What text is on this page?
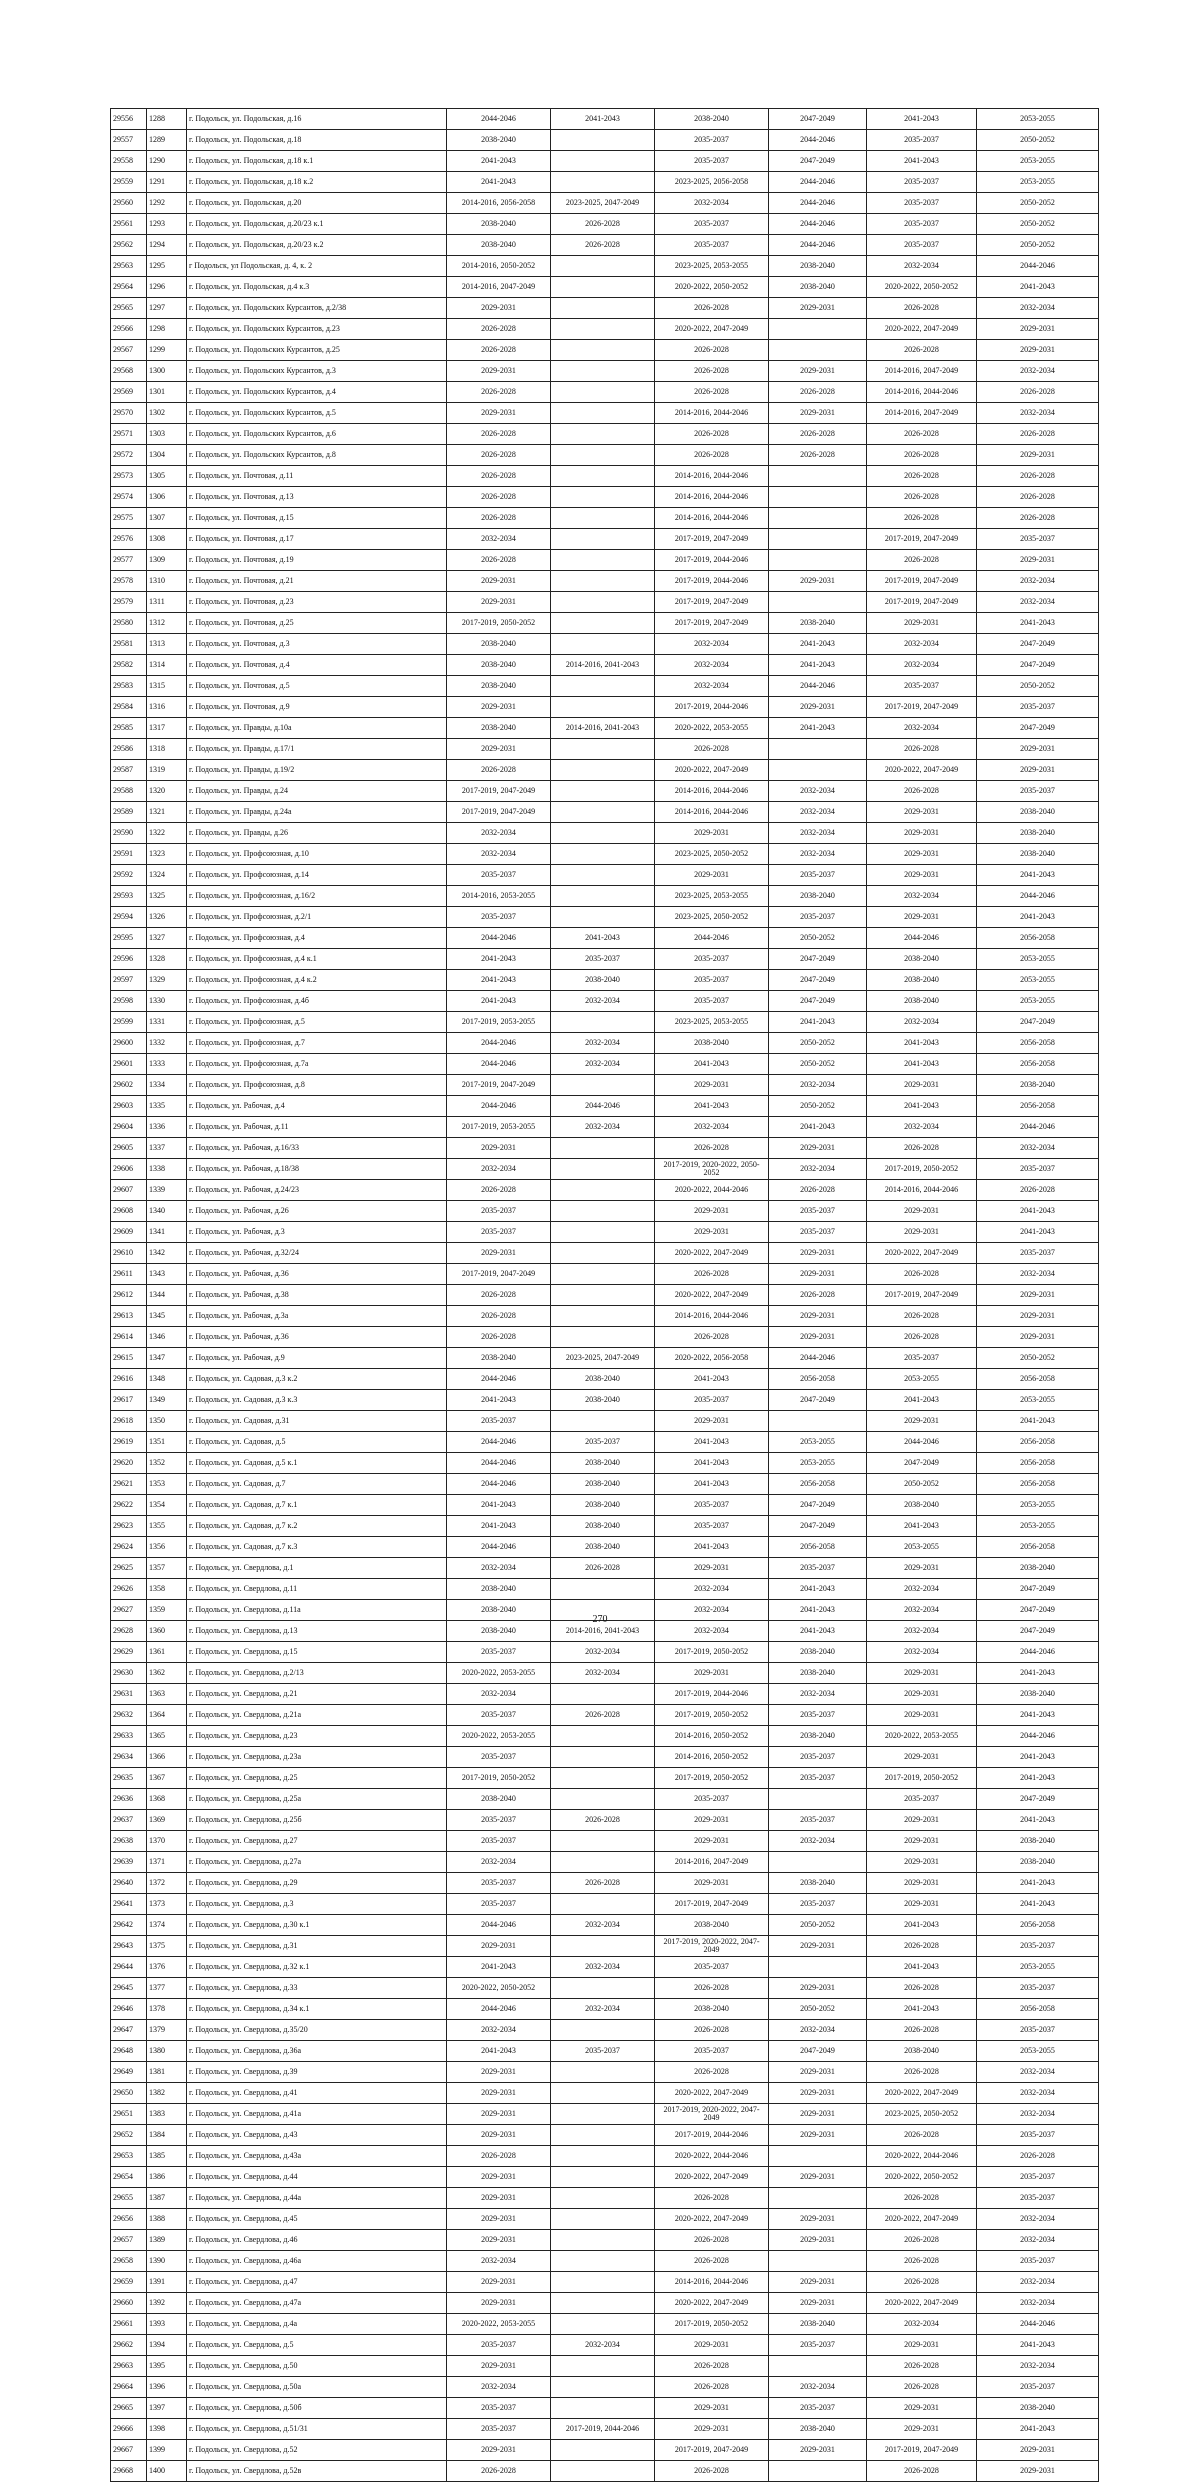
29556	1288	г. Подольск, ул. Подольская, д.16	2044-2046	2041-2043	2038-2040	2047-2049	2041-2043	2053-2055
29557	1289	г. Подольск, ул. Подольская, д.18	2038-2040		2035-2037	2044-2046	2035-2037	2050-2052
29558	1290	г. Подольск, ул. Подольская, д.18 к.1	2041-2043		2035-2037	2047-2049	2041-2043	2053-2055
29559	1291	г. Подольск, ул. Подольская, д.18 к.2	2041-2043		2023-2025, 2056-2058	2044-2046	2035-2037	2053-2055
29560	1292	г. Подольск, ул. Подольская, д.20	2014-2016, 2056-2058	2023-2025, 2047-2049	2032-2034	2044-2046	2035-2037	2050-2052
29561	1293	г. Подольск, ул. Подольская, д.20/23 к.1	2038-2040	2026-2028	2035-2037	2044-2046	2035-2037	2050-2052
29562	1294	г. Подольск, ул. Подольская, д.20/23 к.2	2038-2040	2026-2028	2035-2037	2044-2046	2035-2037	2050-2052
29563	1295	г Подольск, ул Подольская, д. 4, к. 2	2014-2016, 2050-2052		2023-2025, 2053-2055	2038-2040	2032-2034	2044-2046
29564	1296	г. Подольск, ул. Подольская, д.4 к.3	2014-2016, 2047-2049		2020-2022, 2050-2052	2038-2040	2020-2022, 2050-2052	2041-2043
29565	1297	г. Подольск, ул. Подольских Курсантов, д.2/38	2029-2031		2026-2028	2029-2031	2026-2028	2032-2034
29566	1298	г. Подольск, ул. Подольских Курсантов, д.23	2026-2028		2020-2022, 2047-2049		2020-2022, 2047-2049	2029-2031
29567	1299	г. Подольск, ул. Подольских Курсантов, д.25	2026-2028		2026-2028		2026-2028	2029-2031
29568	1300	г. Подольск, ул. Подольских Курсантов, д.3	2029-2031		2026-2028	2029-2031	2014-2016, 2047-2049	2032-2034
29569	1301	г. Подольск, ул. Подольских Курсантов, д.4	2026-2028		2026-2028	2026-2028	2014-2016, 2044-2046	2026-2028
29570	1302	г. Подольск, ул. Подольских Курсантов, д.5	2029-2031		2014-2016, 2044-2046	2029-2031	2014-2016, 2047-2049	2032-2034
29571	1303	г. Подольск, ул. Подольских Курсантов, д.6	2026-2028		2026-2028	2026-2028	2026-2028	2026-2028
29572	1304	г. Подольск, ул. Подольских Курсантов, д.8	2026-2028		2026-2028	2026-2028	2026-2028	2029-2031
29573	1305	г. Подольск, ул. Почтовая, д.11	2026-2028		2014-2016, 2044-2046		2026-2028	2026-2028
29574	1306	г. Подольск, ул. Почтовая, д.13	2026-2028		2014-2016, 2044-2046		2026-2028	2026-2028
29575	1307	г. Подольск, ул. Почтовая, д.15	2026-2028		2014-2016, 2044-2046		2026-2028	2026-2028
29576	1308	г. Подольск, ул. Почтовая, д.17	2032-2034		2017-2019, 2047-2049		2017-2019, 2047-2049	2035-2037
29577	1309	г. Подольск, ул. Почтовая, д.19	2026-2028		2017-2019, 2044-2046		2026-2028	2029-2031
29578	1310	г. Подольск, ул. Почтовая, д.21	2029-2031		2017-2019, 2044-2046	2029-2031	2017-2019, 2047-2049	2032-2034
29579	1311	г. Подольск, ул. Почтовая, д.23	2029-2031		2017-2019, 2047-2049		2017-2019, 2047-2049	2032-2034
29580	1312	г. Подольск, ул. Почтовая, д.25	2017-2019, 2050-2052		2017-2019, 2047-2049	2038-2040	2029-2031	2041-2043
29581	1313	г. Подольск, ул. Почтовая, д.3	2038-2040		2032-2034	2041-2043	2032-2034	2047-2049
29582	1314	г. Подольск, ул. Почтовая, д.4	2038-2040	2014-2016, 2041-2043	2032-2034	2041-2043	2032-2034	2047-2049
29583	1315	г. Подольск, ул. Почтовая, д.5	2038-2040		2032-2034	2044-2046	2035-2037	2050-2052
29584	1316	г. Подольск, ул. Почтовая, д.9	2029-2031		2017-2019, 2044-2046	2029-2031	2017-2019, 2047-2049	2035-2037
29585	1317	г. Подольск, ул. Правды, д.10а	2038-2040	2014-2016, 2041-2043	2020-2022, 2053-2055	2041-2043	2032-2034	2047-2049
29586	1318	г. Подольск, ул. Правды, д.17/1	2029-2031		2026-2028		2026-2028	2029-2031
29587	1319	г. Подольск, ул. Правды, д.19/2	2026-2028		2020-2022, 2047-2049		2020-2022, 2047-2049	2029-2031
29588	1320	г. Подольск, ул. Правды, д.24	2017-2019, 2047-2049		2014-2016, 2044-2046	2032-2034	2026-2028	2035-2037
29589	1321	г. Подольск, ул. Правды, д.24а	2017-2019, 2047-2049		2014-2016, 2044-2046	2032-2034	2029-2031	2038-2040
29590	1322	г. Подольск, ул. Правды, д.26	2032-2034		2029-2031	2032-2034	2029-2031	2038-2040
29591	1323	г. Подольск, ул. Профсоюзная, д.10	2032-2034		2023-2025, 2050-2052	2032-2034	2029-2031	2038-2040
29592	1324	г. Подольск, ул. Профсоюзная, д.14	2035-2037		2029-2031	2035-2037	2029-2031	2041-2043
29593	1325	г. Подольск, ул. Профсоюзная, д.16/2	2014-2016, 2053-2055		2023-2025, 2053-2055	2038-2040	2032-2034	2044-2046
29594	1326	г. Подольск, ул. Профсоюзная, д.2/1	2035-2037		2023-2025, 2050-2052	2035-2037	2029-2031	2041-2043
29595	1327	г. Подольск, ул. Профсоюзная, д.4	2044-2046	2041-2043	2044-2046	2050-2052	2044-2046	2056-2058
29596	1328	г. Подольск, ул. Профсоюзная, д.4 к.1	2041-2043	2035-2037	2035-2037	2047-2049	2038-2040	2053-2055
29597	1329	г. Подольск, ул. Профсоюзная, д.4 к.2	2041-2043	2038-2040	2035-2037	2047-2049	2038-2040	2053-2055
29598	1330	г. Подольск, ул. Профсоюзная, д.4б	2041-2043	2032-2034	2035-2037	2047-2049	2038-2040	2053-2055
29599	1331	г. Подольск, ул. Профсоюзная, д.5	2017-2019, 2053-2055		2023-2025, 2053-2055	2041-2043	2032-2034	2047-2049
29600	1332	г. Подольск, ул. Профсоюзная, д.7	2044-2046	2032-2034	2038-2040	2050-2052	2041-2043	2056-2058
29601	1333	г. Подольск, ул. Профсоюзная, д.7а	2044-2046	2032-2034	2041-2043	2050-2052	2041-2043	2056-2058
29602	1334	г. Подольск, ул. Профсоюзная, д.8	2017-2019, 2047-2049		2029-2031	2032-2034	2029-2031	2038-2040
29603	1335	г. Подольск, ул. Рабочая, д.4	2044-2046	2044-2046	2041-2043	2050-2052	2041-2043	2056-2058
29604	1336	г. Подольск, ул. Рабочая, д.11	2017-2019, 2053-2055	2032-2034	2032-2034	2041-2043	2032-2034	2044-2046
29605	1337	г. Подольск, ул. Рабочая, д.16/33	2029-2031		2026-2028	2029-2031	2026-2028	2032-2034
29606	1338	г. Подольск, ул. Рабочая, д.18/38	2032-2034		2017-2019, 2020-2022, 2050-2052	2032-2034	2017-2019, 2050-2052	2035-2037
29607	1339	г. Подольск, ул. Рабочая, д.24/23	2026-2028		2020-2022, 2044-2046	2026-2028	2014-2016, 2044-2046	2026-2028
29608	1340	г. Подольск, ул. Рабочая, д.26	2035-2037		2029-2031	2035-2037	2029-2031	2041-2043
29609	1341	г. Подольск, ул. Рабочая, д.3	2035-2037		2029-2031	2035-2037	2029-2031	2041-2043
29610	1342	г. Подольск, ул. Рабочая, д.32/24	2029-2031		2020-2022, 2047-2049	2029-2031	2020-2022, 2047-2049	2035-2037
29611	1343	г. Подольск, ул. Рабочая, д.36	2017-2019, 2047-2049		2026-2028	2029-2031	2026-2028	2032-2034
29612	1344	г. Подольск, ул. Рабочая, д.38	2026-2028		2020-2022, 2047-2049	2026-2028	2017-2019, 2047-2049	2029-2031
29613	1345	г. Подольск, ул. Рабочая, д.3а	2026-2028		2014-2016, 2044-2046	2029-2031	2026-2028	2029-2031
29614	1346	г. Подольск, ул. Рабочая, д.36	2026-2028		2026-2028	2029-2031	2026-2028	2029-2031
29615	1347	г. Подольск, ул. Рабочая, д.9	2038-2040	2023-2025, 2047-2049	2020-2022, 2056-2058	2044-2046	2035-2037	2050-2052
29616	1348	г. Подольск, ул. Садовая, д.3 к.2	2044-2046	2038-2040	2041-2043	2056-2058	2053-2055	2056-2058
29617	1349	г. Подольск, ул. Садовая, д.3 к.3	2041-2043	2038-2040	2035-2037	2047-2049	2041-2043	2053-2055
29618	1350	г. Подольск, ул. Садовая, д.31	2035-2037		2029-2031		2029-2031	2041-2043
29619	1351	г. Подольск, ул. Садовая, д.5	2044-2046	2035-2037	2041-2043	2053-2055	2044-2046	2056-2058
29620	1352	г. Подольск, ул. Садовая, д.5 к.1	2044-2046	2038-2040	2041-2043	2053-2055	2047-2049	2056-2058
29621	1353	г. Подольск, ул. Садовая, д.7	2044-2046	2038-2040	2041-2043	2056-2058	2050-2052	2056-2058
29622	1354	г. Подольск, ул. Садовая, д.7 к.1	2041-2043	2038-2040	2035-2037	2047-2049	2038-2040	2053-2055
29623	1355	г. Подольск, ул. Садовая, д.7 к.2	2041-2043	2038-2040	2035-2037	2047-2049	2041-2043	2053-2055
29624	1356	г. Подольск, ул. Садовая, д.7 к.3	2044-2046	2038-2040	2041-2043	2056-2058	2053-2055	2056-2058
29625	1357	г. Подольск, ул. Свердлова, д.1	2032-2034	2026-2028	2029-2031	2035-2037	2029-2031	2038-2040
29626	1358	г. Подольск, ул. Свердлова, д.11	2038-2040		2032-2034	2041-2043	2032-2034	2047-2049
29627	1359	г. Подольск, ул. Свердлова, д.11а	2038-2040		2032-2034	2041-2043	2032-2034	2047-2049
29628	1360	г. Подольск, ул. Свердлова, д.13	2038-2040	2014-2016, 2041-2043	2032-2034	2041-2043	2032-2034	2047-2049
29629	1361	г. Подольск, ул. Свердлова, д.15	2035-2037	2032-2034	2017-2019, 2050-2052	2038-2040	2032-2034	2044-2046
29630	1362	г. Подольск, ул. Свердлова, д.2/13	2020-2022, 2053-2055	2032-2034	2029-2031	2038-2040	2029-2031	2041-2043
29631	1363	г. Подольск, ул. Свердлова, д.21	2032-2034		2017-2019, 2044-2046	2032-2034	2029-2031	2038-2040
29632	1364	г. Подольск, ул. Свердлова, д.21а	2035-2037	2026-2028	2017-2019, 2050-2052	2035-2037	2029-2031	2041-2043
29633	1365	г. Подольск, ул. Свердлова, д.23	2020-2022, 2053-2055		2014-2016, 2050-2052	2038-2040	2020-2022, 2053-2055	2044-2046
29634	1366	г. Подольск, ул. Свердлова, д.23а	2035-2037		2014-2016, 2050-2052	2035-2037	2029-2031	2041-2043
29635	1367	г. Подольск, ул. Свердлова, д.25	2017-2019, 2050-2052		2017-2019, 2050-2052	2035-2037	2017-2019, 2050-2052	2041-2043
29636	1368	г. Подольск, ул. Свердлова, д.25а	2038-2040		2035-2037		2035-2037	2047-2049
29637	1369	г. Подольск, ул. Свердлова, д.25б	2035-2037	2026-2028	2029-2031	2035-2037	2029-2031	2041-2043
29638	1370	г. Подольск, ул. Свердлова, д.27	2035-2037		2029-2031	2032-2034	2029-2031	2038-2040
29639	1371	г. Подольск, ул. Свердлова, д.27а	2032-2034		2014-2016, 2047-2049		2029-2031	2038-2040
29640	1372	г. Подольск, ул. Свердлова, д.29	2035-2037	2026-2028	2029-2031	2038-2040	2029-2031	2041-2043
29641	1373	г. Подольск, ул. Свердлова, д.3	2035-2037		2017-2019, 2047-2049	2035-2037	2029-2031	2041-2043
29642	1374	г. Подольск, ул. Свердлова, д.30 к.1	2044-2046	2032-2034	2038-2040	2050-2052	2041-2043	2056-2058
29643	1375	г. Подольск, ул. Свердлова, д.31	2029-2031		2017-2019, 2020-2022, 2047-2049	2029-2031	2026-2028	2035-2037
29644	1376	г. Подольск, ул. Свердлова, д.32 к.1	2041-2043	2032-2034	2035-2037		2041-2043	2053-2055
29645	1377	г. Подольск, ул. Свердлова, д.33	2020-2022, 2050-2052		2026-2028	2029-2031	2026-2028	2035-2037
29646	1378	г. Подольск, ул. Свердлова, д.34 к.1	2044-2046	2032-2034	2038-2040	2050-2052	2041-2043	2056-2058
29647	1379	г. Подольск, ул. Свердлова, д.35/20	2032-2034		2026-2028	2032-2034	2026-2028	2035-2037
29648	1380	г. Подольск, ул. Свердлова, д.36а	2041-2043	2035-2037	2035-2037	2047-2049	2038-2040	2053-2055
29649	1381	г. Подольск, ул. Свердлова, д.39	2029-2031		2026-2028	2029-2031	2026-2028	2032-2034
29650	1382	г. Подольск, ул. Свердлова, д.41	2029-2031		2020-2022, 2047-2049	2029-2031	2020-2022, 2047-2049	2032-2034
29651	1383	г. Подольск, ул. Свердлова, д.41а	2029-2031		2017-2019, 2020-2022, 2047-2049	2029-2031	2023-2025, 2050-2052	2032-2034
29652	1384	г. Подольск, ул. Свердлова, д.43	2029-2031		2017-2019, 2044-2046	2029-2031	2026-2028	2035-2037
29653	1385	г. Подольск, ул. Свердлова, д.43а	2026-2028		2020-2022, 2044-2046		2020-2022, 2044-2046	2026-2028
29654	1386	г. Подольск, ул. Свердлова, д.44	2029-2031		2020-2022, 2047-2049	2029-2031	2020-2022, 2050-2052	2035-2037
29655	1387	г. Подольск, ул. Свердлова, д.44а	2029-2031		2026-2028		2026-2028	2035-2037
29656	1388	г. Подольск, ул. Свердлова, д.45	2029-2031		2020-2022, 2047-2049	2029-2031	2020-2022, 2047-2049	2032-2034
29657	1389	г. Подольск, ул. Свердлова, д.46	2029-2031		2026-2028	2029-2031	2026-2028	2032-2034
29658	1390	г. Подольск, ул. Свердлова, д.46а	2032-2034		2026-2028		2026-2028	2035-2037
29659	1391	г. Подольск, ул. Свердлова, д.47	2029-2031		2014-2016, 2044-2046	2029-2031	2026-2028	2032-2034
29660	1392	г. Подольск, ул. Свердлова, д.47а	2029-2031		2020-2022, 2047-2049	2029-2031	2020-2022, 2047-2049	2032-2034
29661	1393	г. Подольск, ул. Свердлова, д.4а	2020-2022, 2053-2055		2017-2019, 2050-2052	2038-2040	2032-2034	2044-2046
29662	1394	г. Подольск, ул. Свердлова, д.5	2035-2037	2032-2034	2029-2031	2035-2037	2029-2031	2041-2043
29663	1395	г. Подольск, ул. Свердлова, д.50	2029-2031		2026-2028		2026-2028	2032-2034
29664	1396	г. Подольск, ул. Свердлова, д.50а	2032-2034		2026-2028	2032-2034	2026-2028	2035-2037
29665	1397	г. Подольск, ул. Свердлова, д.50б	2035-2037		2029-2031	2035-2037	2029-2031	2038-2040
29666	1398	г. Подольск, ул. Свердлова, д.51/31	2035-2037	2017-2019, 2044-2046	2029-2031	2038-2040	2029-2031	2041-2043
29667	1399	г. Подольск, ул. Свердлова, д.52	2029-2031		2017-2019, 2047-2049	2029-2031	2017-2019, 2047-2049	2029-2031
29668	1400	г. Подольск, ул. Свердлова, д.52в	2026-2028		2026-2028		2026-2028	2029-2031
270
